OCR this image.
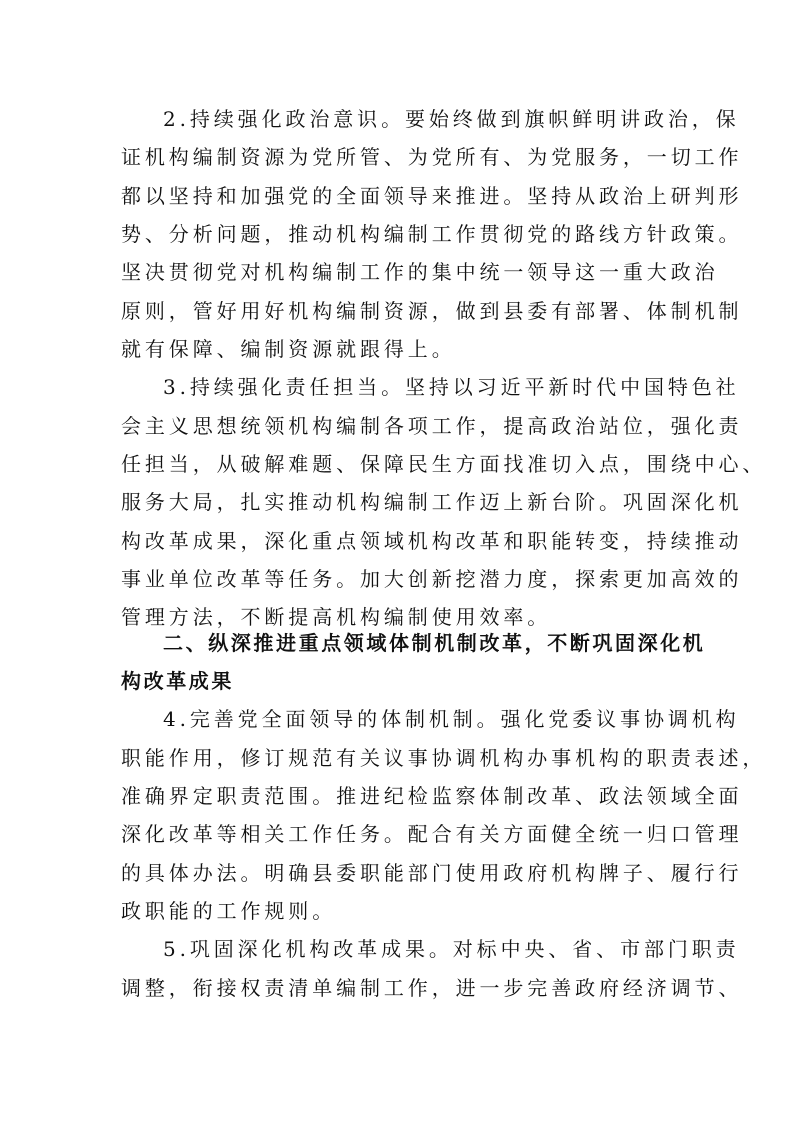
2.持续强化政治意识。要始终做到旗帜鲜明讲政治，保
证机构编制资源为党所管、为党所有、为党服务，一切工作
都以坚持和加强党的全面领导来推进。坚持从政治上研判形
势、分析问题，推动机构编制工作贯彻党的路线方针政策。
坚决贯彻党对机构编制工作的集中统一领导这一重大政治
原则，管好用好机构编制资源，做到县委有部署、体制机制
就有保障、编制资源就跟得上。
3.持续强化责任担当。坚持以习近平新时代中国特色社
会主义思想统领机构编制各项工作，提高政治站位，强化责
任担当，从破解难题、保障民生方面找准切入点，围绕中心、
服务大局，扎实推动机构编制工作迈上新台阶。巩固深化机
构改革成果，深化重点领域机构改革和职能转变，持续推动
事业单位改革等任务。加大创新挖潜力度，探索更加高效的
管理方法，不断提高机构编制使用效率。
二、纵深推进重点领域体制机制改革，不断巩固深化机
构改革成果
4.完善党全面领导的体制机制。强化党委议事协调机构
职能作用，修订规范有关议事协调机构办事机构的职责表述，
准确界定职责范围。推进纪检监察体制改革、政法领域全面
深化改革等相关工作任务。配合有关方面健全统一归口管理
的具体办法。明确县委职能部门使用政府机构牌子、履行行
政职能的工作规则。
5.巩固深化机构改革成果。对标中央、省、市部门职责
调整，衔接权责清单编制工作，进一步完善政府经济调节、
